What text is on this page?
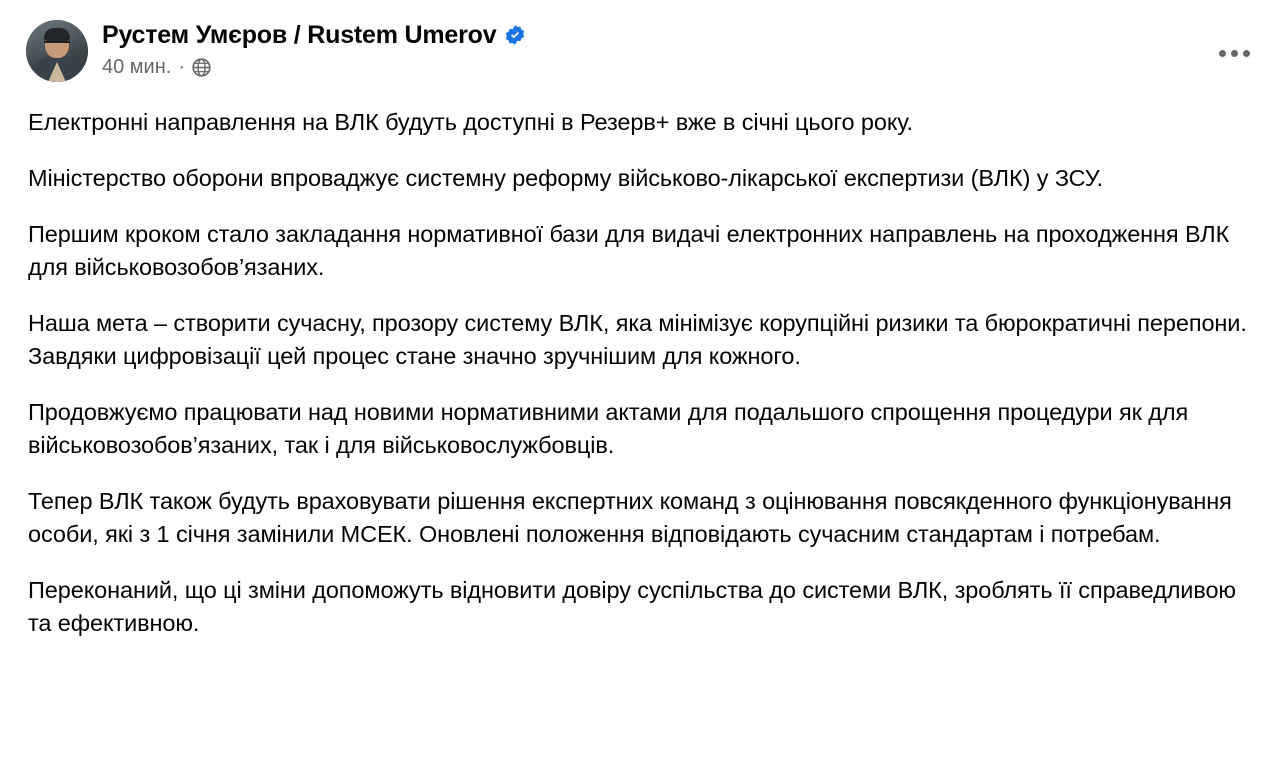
Рустем Умєров / Rustem Umerov
40 мин. ·

Електронні направлення на ВЛК будуть доступні в Резерв+ вже в січні цього року.

Міністерство оборони впроваджує системну реформу військово-лікарської експертизи (ВЛК) у ЗСУ.

Першим кроком стало закладання нормативної бази для видачі електронних направлень на проходження ВЛК для військовозобов’язаних.

Наша мета – створити сучасну, прозору систему ВЛК, яка мінімізує корупційні ризики та бюрократичні перепони. Завдяки цифровізації цей процес стане значно зручнішим для кожного.

Продовжуємо працювати над новими нормативними актами для подальшого спрощення процедури як для військовозобов’язаних, так і для військовослужбовців.

Тепер ВЛК також будуть враховувати рішення експертних команд з оцінювання повсякденного функціонування особи, які з 1 січня замінили МСЕК. Оновлені положення відповідають сучасним стандартам і потребам.

Переконаний, що ці зміни допоможуть відновити довіру суспільства до системи ВЛК, зроблять її справедливою та ефективною.
